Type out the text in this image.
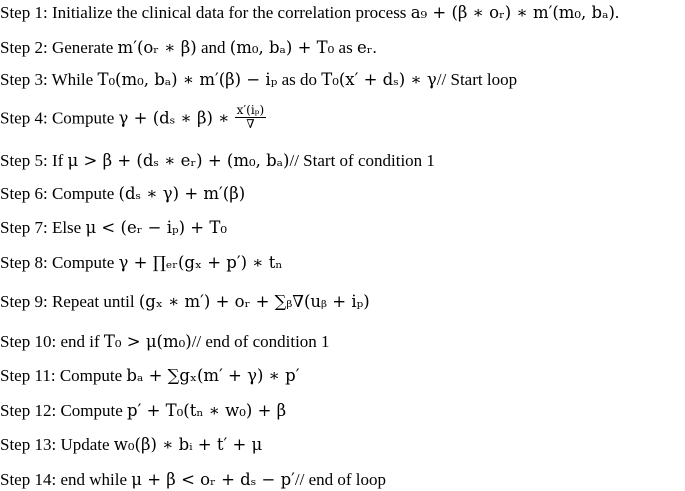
Step 1: Initialize the clinical data for the correlation process a₉ + (β ∗ oᵣ) ∗ m′(m₀, bₐ).
Step 2: Generate m′(oᵣ ∗ β) and (m₀, bₐ) + T₀ as eᵣ.
Step 3: While T₀(m₀, bₐ) ∗ m′(β) − iₚ as do T₀(x′ + dₛ) ∗ γ// Start loop
Step 4: Compute γ + (dₛ ∗ β) ∗ $\frac{\text{x′(iₚ)}}{\nabla}$
Step 5: If μ > β + (dₛ ∗ eᵣ) + (m₀, bₐ)// Start of condition 1
Step 6: Compute (dₛ ∗ γ) + m′(β)
Step 7: Else μ < (eᵣ − iₚ) + T₀
Step 8: Compute γ + ∏ₑᵣ(gₓ + p′) ∗ tₙ
Step 9: Repeat until (gₓ ∗ m′) + oᵣ + ∑ᵦ∇(uᵦ + iₚ)
Step 10: end if T₀ > μ(m₀)// end of condition 1
Step 11: Compute bₐ + ∑gₓ(m′ + γ) ∗ p′
Step 12: Compute p′ + T₀(tₙ ∗ w₀) + β
Step 13: Update w₀(β) ∗ bᵢ + t′ + μ
Step 14: end while μ + β < oᵣ + dₛ − p′// end of loop
